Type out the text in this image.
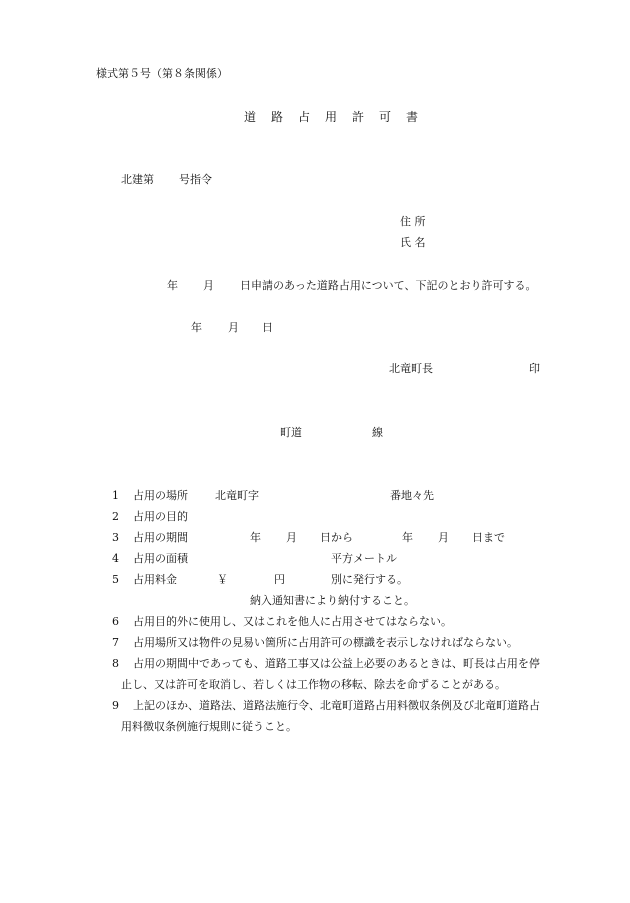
様式第５号（第８条関係）
道 路 占 用 許 可 書
北建第 号指令
住 所
氏 名
年 月 日申請のあった道路占用について、下記のとおり許可する。
年 月 日
北竜町長	印
町道	線
1 占用の場所 北竜町字	番地々先
2 占用の目的
3 占用の期間	年 月 日から	年 月 日まで
4 占用の面積	平方メートル
5 占用料金	￥	円	別に発行する。
納入通知書により納付すること。
6 占用目的外に使用し、又はこれを他人に占用させてはならない。
7 占用場所又は物件の見易い箇所に占用許可の標識を表示しなければならない。
8 占用の期間中であっても、道路工事又は公益上必要のあるときは、町長は占用を停
止し、又は許可を取消し、若しくは工作物の移転、除去を命ずることがある。
9 上記のほか、道路法、道路法施行令、北竜町道路占用料徴収条例及び北竜町道路占
用料徴収条例施行規則に従うこと。
